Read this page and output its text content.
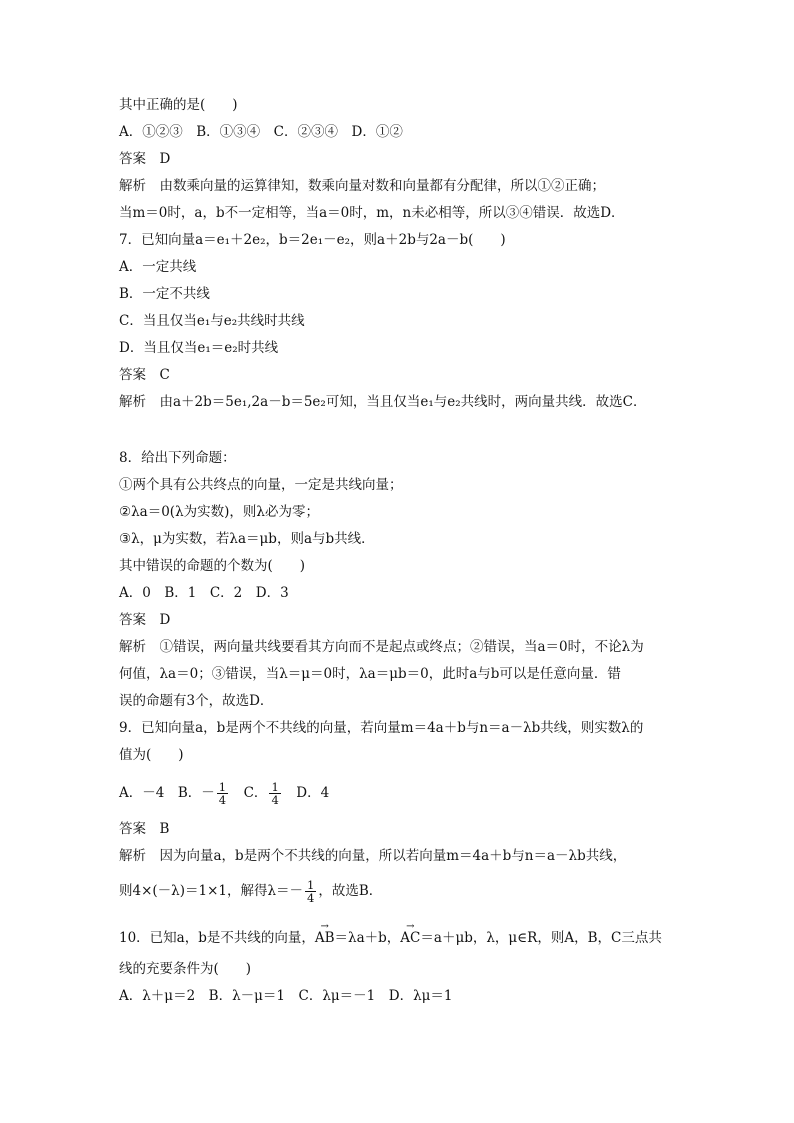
其中正确的是(　　)
A．①②③　B．①③④　C．②③④　D．①②
答案　D
解析　由数乘向量的运算律知，数乘向量对数和向量都有分配律，所以①②正确；
当m＝0时，a，b不一定相等，当a＝0时，m，n未必相等，所以③④错误．故选D．
7．已知向量a＝e₁＋2e₂，b＝2e₁－e₂，则a＋2b与2a－b(　　)
A．一定共线
B．一定不共线
C．当且仅当e₁与e₂共线时共线
D．当且仅当e₁＝e₂时共线
答案　C
解析　由a＋2b＝5e₁,2a－b＝5e₂可知，当且仅当e₁与e₂共线时，两向量共线．故选C．
8．给出下列命题：
①两个具有公共终点的向量，一定是共线向量；
②λa＝0(λ为实数)，则λ必为零；
③λ，μ为实数，若λa＝μb，则a与b共线．
其中错误的命题的个数为(　　)
A．0　B．1　C．2　D．3
答案　D
解析　①错误，两向量共线要看其方向而不是起点或终点；②错误，当a＝0时，不论λ为
何值，λa＝0；③错误，当λ＝μ＝0时，λa＝μb＝0，此时a与b可以是任意向量．错
误的命题有3个，故选D．
9．已知向量a，b是两个不共线的向量，若向量m＝4a＋b与n＝a－λb共线，则实数λ的
值为(　　)
A．－4　B．－ $\frac{1}{4}$ 　C． $\frac{1}{4}$ 　D．4
答案　B
解析　因为向量a，b是两个不共线的向量，所以若向量m＝4a＋b与n＝a－λb共线，
则4×(－λ)＝1×1，解得$\lambda=- \frac{1}{4}$ ，故选B．
10．已知a，b是不共线的向量，→ AB＝λa＋b，→ AC＝a＋μb，λ，μ∈R，则A，B，C三点共
线的充要条件为(　　)
A．λ＋μ＝2　B．λ－μ＝1　C．λμ＝－1　D．λμ＝1
